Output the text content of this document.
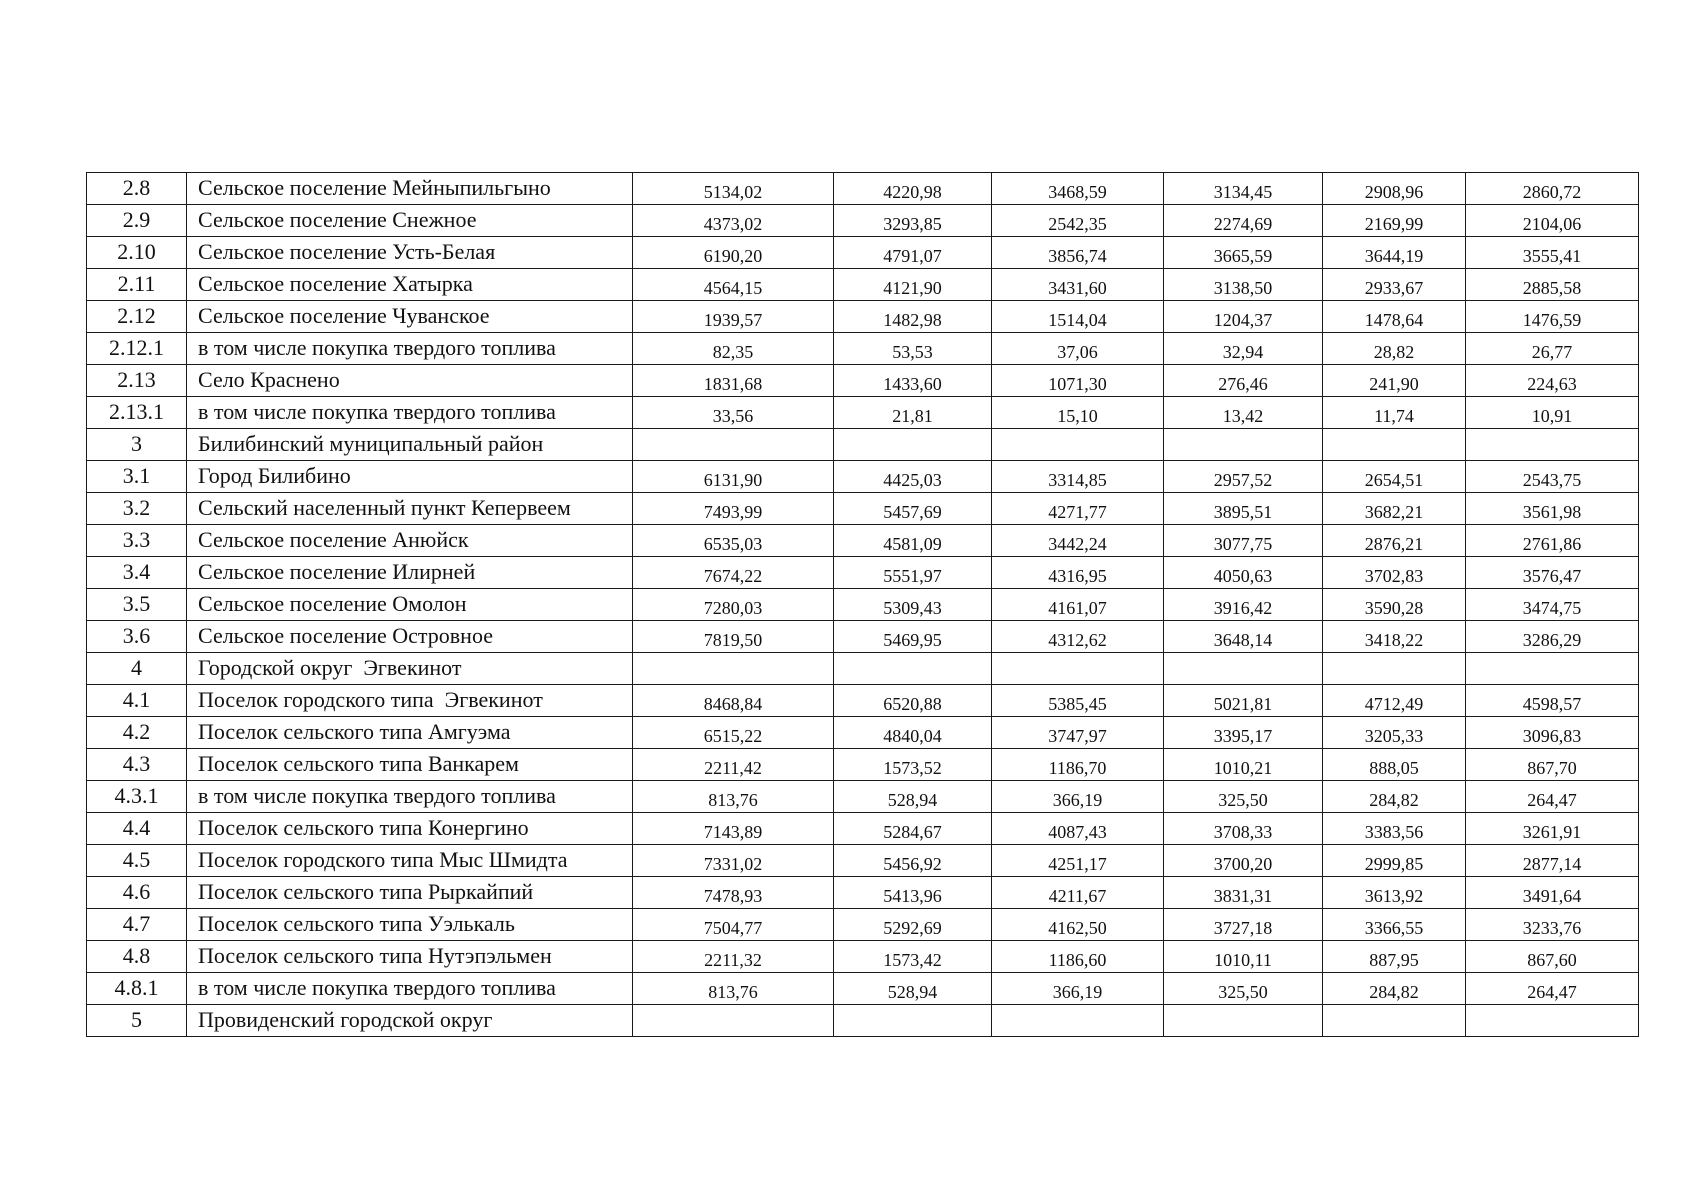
2.8	Сельское поселение Мейныпильгыно	5134,02	4220,98	3468,59	3134,45	2908,96	2860,72
2.9	Сельское поселение Снежное	4373,02	3293,85	2542,35	2274,69	2169,99	2104,06
2.10	Сельское поселение Усть-Белая	6190,20	4791,07	3856,74	3665,59	3644,19	3555,41
2.11	Сельское поселение Хатырка	4564,15	4121,90	3431,60	3138,50	2933,67	2885,58
2.12	Сельское поселение Чуванское	1939,57	1482,98	1514,04	1204,37	1478,64	1476,59
2.12.1	в том числе покупка твердого топлива	82,35	53,53	37,06	32,94	28,82	26,77
2.13	Село Краснено	1831,68	1433,60	1071,30	276,46	241,90	224,63
2.13.1	в том числе покупка твердого топлива	33,56	21,81	15,10	13,42	11,74	10,91
3	Билибинский муниципальный район						
3.1	Город Билибино	6131,90	4425,03	3314,85	2957,52	2654,51	2543,75
3.2	Сельский населенный пункт Кепервеем	7493,99	5457,69	4271,77	3895,51	3682,21	3561,98
3.3	Сельское поселение Анюйск	6535,03	4581,09	3442,24	3077,75	2876,21	2761,86
3.4	Сельское поселение Илирней	7674,22	5551,97	4316,95	4050,63	3702,83	3576,47
3.5	Сельское поселение Омолон	7280,03	5309,43	4161,07	3916,42	3590,28	3474,75
3.6	Сельское поселение Островное	7819,50	5469,95	4312,62	3648,14	3418,22	3286,29
4	Городской округ  Эгвекинот						
4.1	Поселок городского типа  Эгвекинот	8468,84	6520,88	5385,45	5021,81	4712,49	4598,57
4.2	Поселок сельского типа Амгуэма	6515,22	4840,04	3747,97	3395,17	3205,33	3096,83
4.3	Поселок сельского типа Ванкарем	2211,42	1573,52	1186,70	1010,21	888,05	867,70
4.3.1	в том числе покупка твердого топлива	813,76	528,94	366,19	325,50	284,82	264,47
4.4	Поселок сельского типа Конергино	7143,89	5284,67	4087,43	3708,33	3383,56	3261,91
4.5	Поселок городского типа Мыс Шмидта	7331,02	5456,92	4251,17	3700,20	2999,85	2877,14
4.6	Поселок сельского типа Рыркайпий	7478,93	5413,96	4211,67	3831,31	3613,92	3491,64
4.7	Поселок сельского типа Уэлькаль	7504,77	5292,69	4162,50	3727,18	3366,55	3233,76
4.8	Поселок сельского типа Нутэпэльмен	2211,32	1573,42	1186,60	1010,11	887,95	867,60
4.8.1	в том числе покупка твердого топлива	813,76	528,94	366,19	325,50	284,82	264,47
5	Провиденский городской округ						
